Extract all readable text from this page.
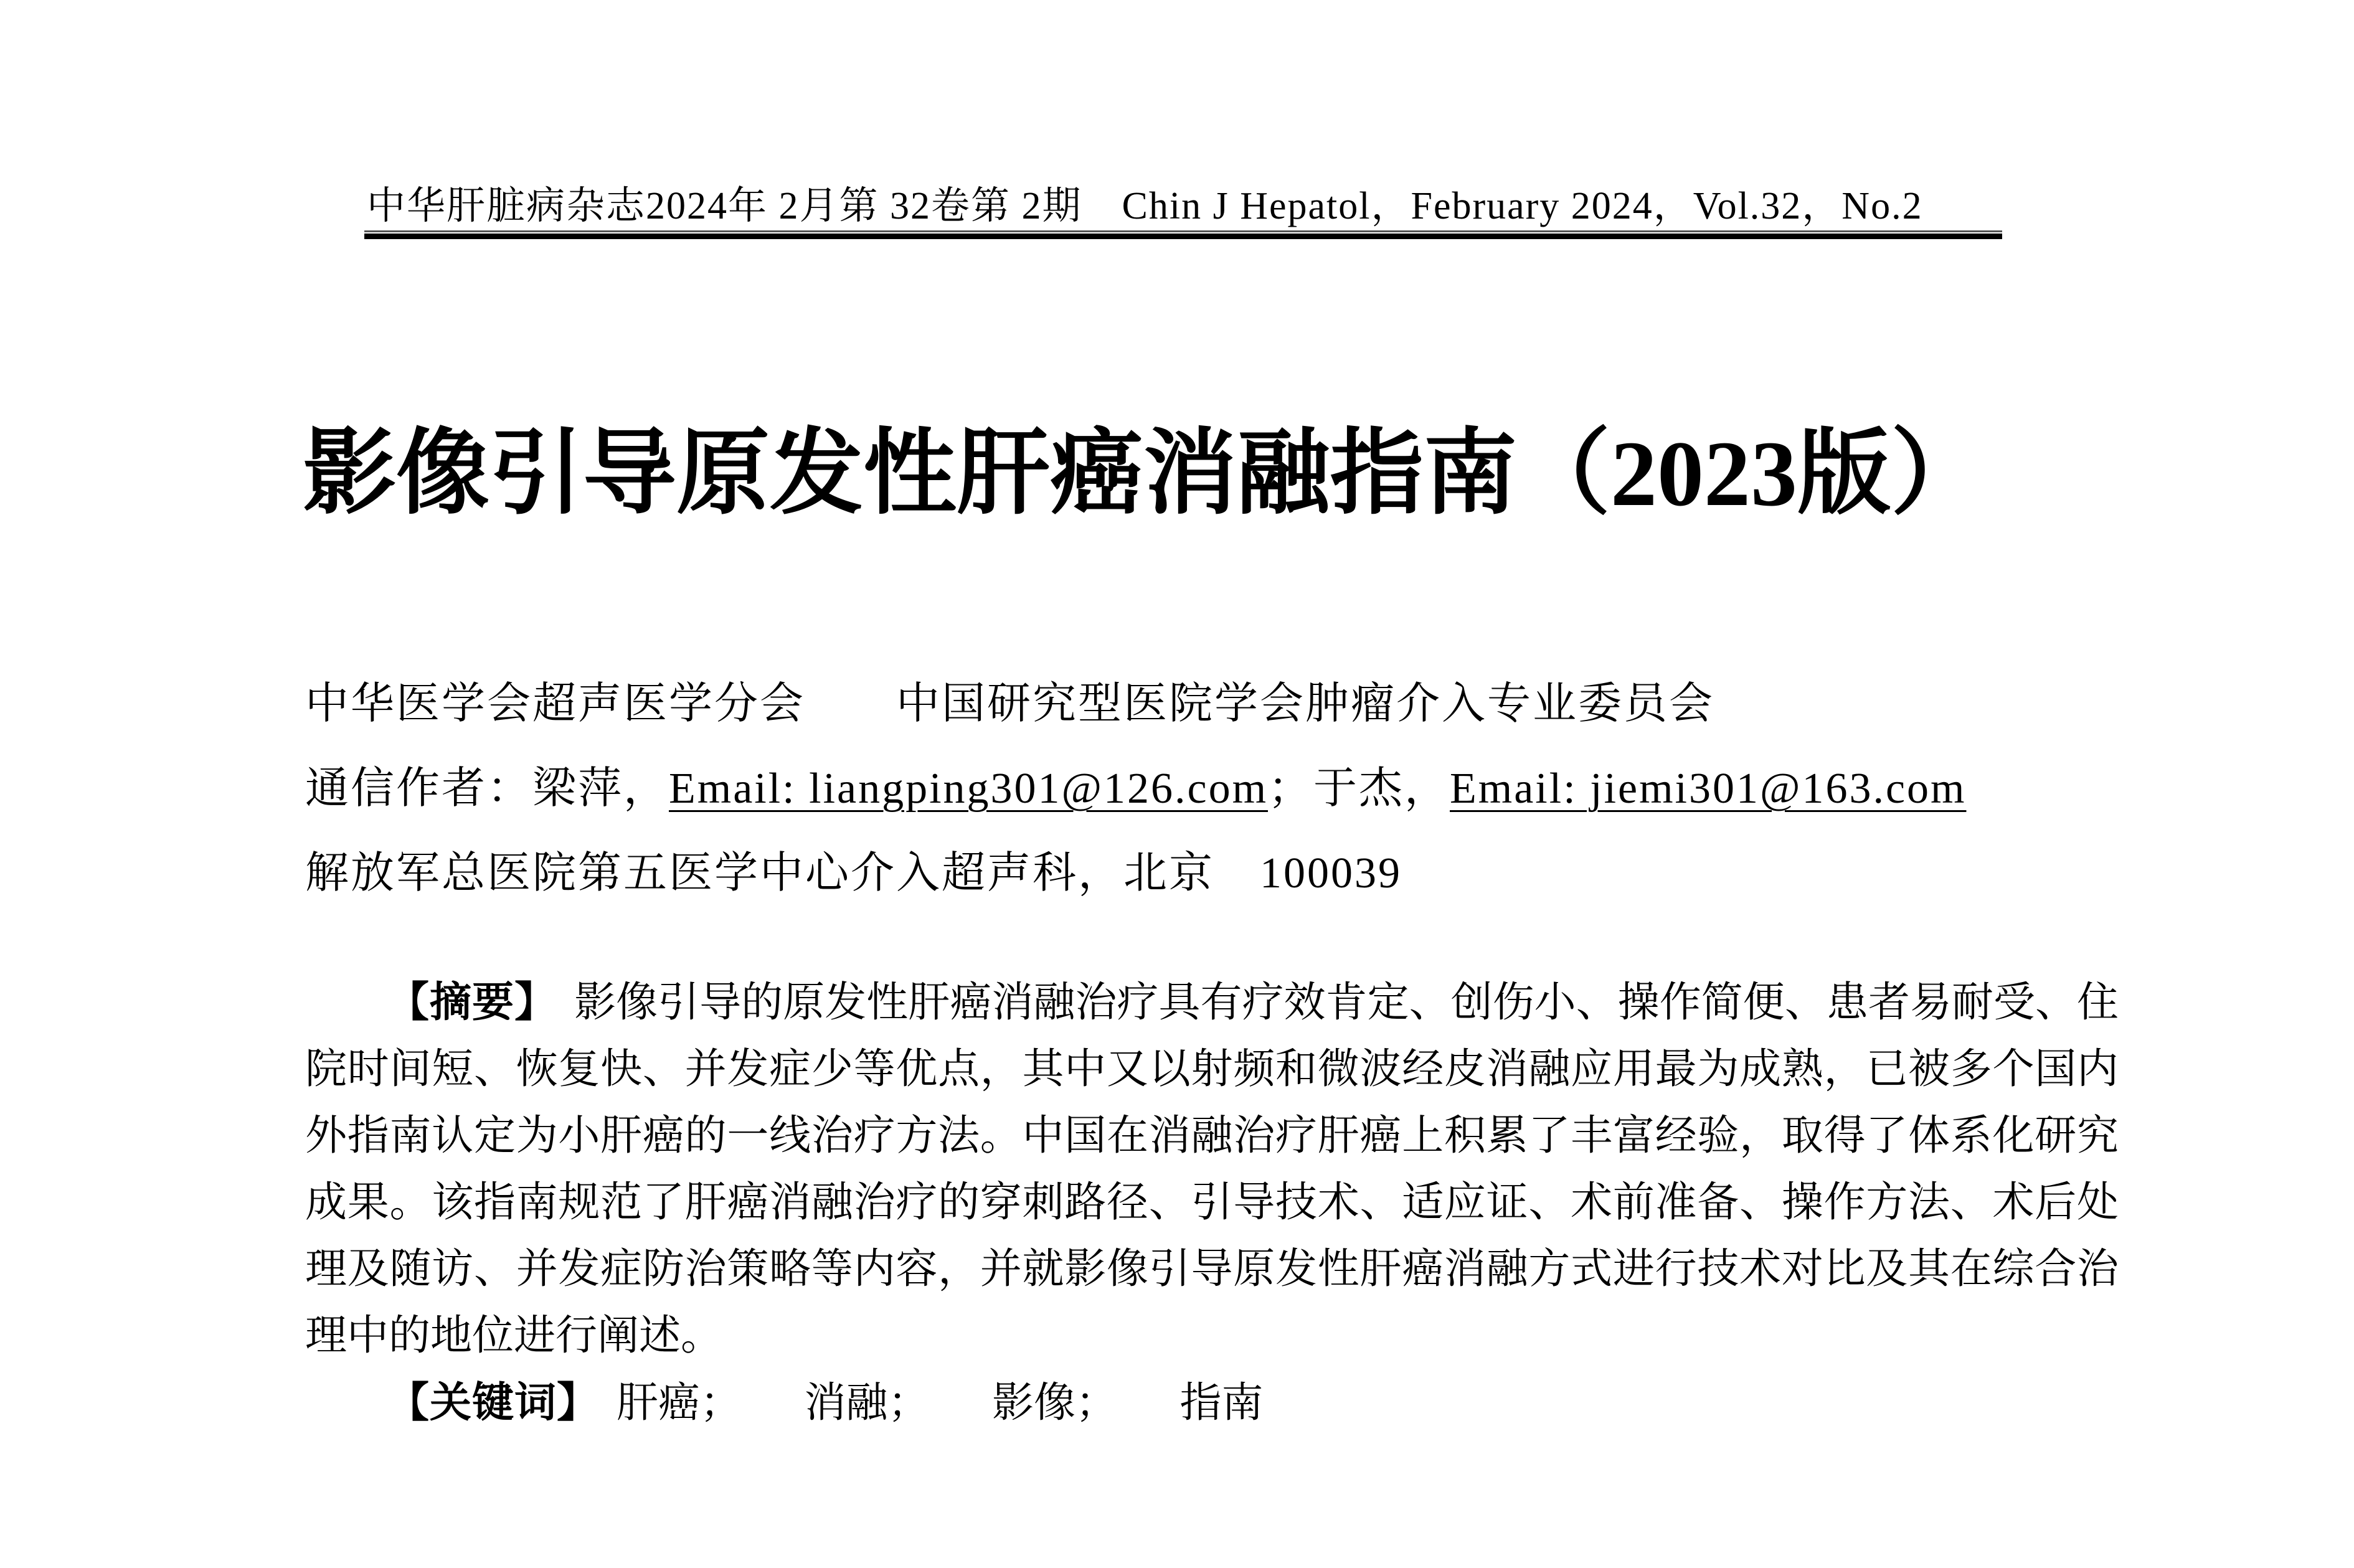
中华肝脏病杂志2024年 2月第 32卷第 2期　Chin J Hepatol，February 2024，Vol.32，No.2
影像引导原发性肝癌消融指南（2023版）
中华医学会超声医学分会　　中国研究型医院学会肿瘤介入专业委员会
通信作者：梁萍，Email: liangping301@126.com；于杰，Email: jiemi301@163.com
解放军总医院第五医学中心介入超声科，北京　100039

【摘要】 影像引导的原发性肝癌消融治疗具有疗效肯定、创伤小、操作简便、患者易耐受、住院时间短、恢复快、并发症少等优点，其中又以射频和微波经皮消融应用最为成熟，已被多个国内外指南认定为小肝癌的一线治疗方法。中国在消融治疗肝癌上积累了丰富经验，取得了体系化研究成果。该指南规范了肝癌消融治疗的穿刺路径、引导技术、适应证、术前准备、操作方法、术后处理及随访、并发症防治策略等内容，并就影像引导原发性肝癌消融方式进行技术对比及其在综合治理中的地位进行阐述。

【关键词】 肝癌；　　消融；　　影像；　　指南
